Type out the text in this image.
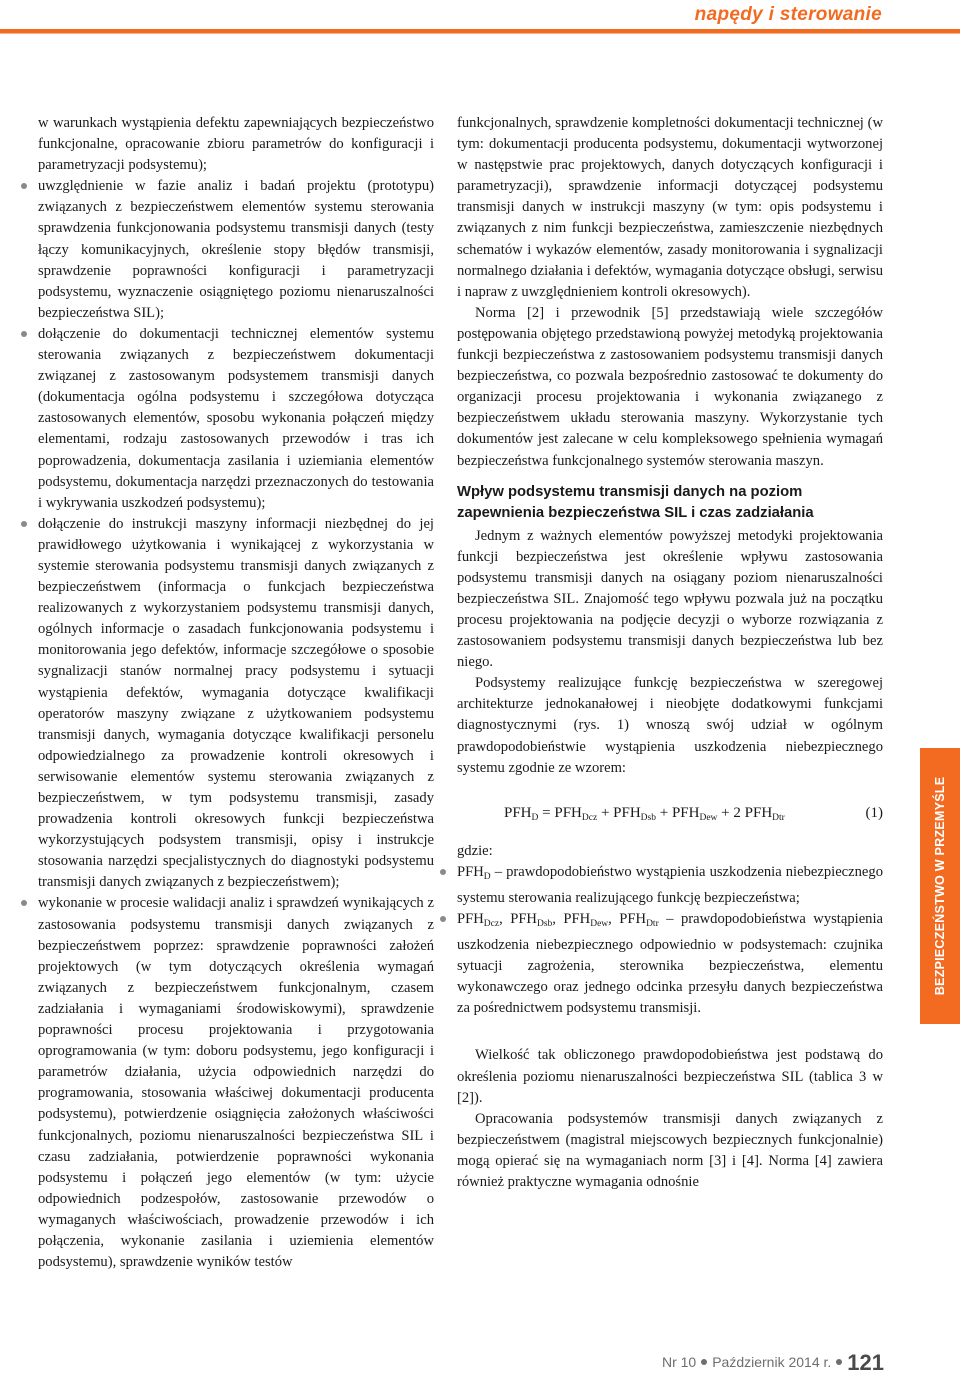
napędy i sterowanie

w warunkach wystąpienia defektu zapewniających bezpieczeństwo funkcjonalne, opracowanie zbioru parametrów do konfiguracji i parametryzacji podsystemu);

uwzględnienie w fazie analiz i badań projektu (prototypu) związanych z bezpieczeństwem elementów systemu sterowania sprawdzenia funkcjonowania podsystemu transmisji danych (testy łączy komunikacyjnych, określenie stopy błędów transmisji, sprawdzenie poprawności konfiguracji i parametryzacji podsystemu, wyznaczenie osiągniętego poziomu nienaruszalności bezpieczeństwa SIL);
dołączenie do dokumentacji technicznej elementów systemu sterowania związanych z bezpieczeństwem dokumentacji związanej z zastosowanym podsystemem transmisji danych (dokumentacja ogólna podsystemu i szczegółowa dotycząca zastosowanych elementów, sposobu wykonania połączeń między elementami, rodzaju zastosowanych przewodów i tras ich poprowadzenia, dokumentacja zasilania i uziemiania elementów podsystemu, dokumentacja narzędzi przeznaczonych do testowania i wykrywania uszkodzeń podsystemu);
dołączenie do instrukcji maszyny informacji niezbędnej do jej prawidłowego użytkowania i wynikającej z wykorzystania w systemie sterowania podsystemu transmisji danych związanych z bezpieczeństwem (informacja o funkcjach bezpieczeństwa realizowanych z wykorzystaniem podsystemu transmisji danych, ogólnych informacje o zasadach funkcjonowania podsystemu i monitorowania jego defektów, informacje szczegółowe o sposobie sygnalizacji stanów normalnej pracy podsystemu i sytuacji wystąpienia defektów, wymagania dotyczące kwalifikacji operatorów maszyny związane z użytkowaniem podsystemu transmisji danych, wymagania dotyczące kwalifikacji personelu odpowiedzialnego za prowadzenie kontroli okresowych i serwisowanie elementów systemu sterowania związanych z bezpieczeństwem, w tym podsystemu transmisji, zasady prowadzenia kontroli okresowych funkcji bezpieczeństwa wykorzystujących podsystem transmisji, opisy i instrukcje stosowania narzędzi specjalistycznych do diagnostyki podsystemu transmisji danych związanych z bezpieczeństwem);
wykonanie w procesie walidacji analiz i sprawdzeń wynikających z zastosowania podsystemu transmisji danych związanych z bezpieczeństwem poprzez: sprawdzenie poprawności założeń projektowych (w tym dotyczących określenia wymagań związanych z bezpieczeństwem funkcjonalnym, czasem zadziałania i wymaganiami środowiskowymi), sprawdzenie poprawności procesu projektowania i przygotowania oprogramowania (w tym: doboru podsystemu, jego konfiguracji i parametrów działania, użycia odpowiednich narzędzi do programowania, stosowania właściwej dokumentacji producenta podsystemu), potwierdzenie osiągnięcia założonych właściwości funkcjonalnych, poziomu nienaruszalności bezpieczeństwa SIL i czasu zadziałania, potwierdzenie poprawności wykonania podsystemu i połączeń jego elementów (w tym: użycie odpowiednich podzespołów, zastosowanie przewodów o wymaganych właściwościach, prowadzenie przewodów i ich połączenia, wykonanie zasilania i uziemienia elementów podsystemu), sprawdzenie wyników testów

funkcjonalnych, sprawdzenie kompletności dokumentacji technicznej (w tym: dokumentacji producenta podsystemu, dokumentacji wytworzonej w następstwie prac projektowych, danych dotyczących konfiguracji i parametryzacji), sprawdzenie informacji dotyczącej podsystemu transmisji danych w instrukcji maszyny (w tym: opis podsystemu i związanych z nim funkcji bezpieczeństwa, zamieszczenie niezbędnych schematów i wykazów elementów, zasady monitorowania i sygnalizacji normalnego działania i defektów, wymagania dotyczące obsługi, serwisu i napraw z uwzględnieniem kontroli okresowych).

Norma [2] i przewodnik [5] przedstawiają wiele szczegółów postępowania objętego przedstawioną powyżej metodyką projektowania funkcji bezpieczeństwa z zastosowaniem podsystemu transmisji danych bezpieczeństwa, co pozwala bezpośrednio zastosować te dokumenty do organizacji procesu projektowania i wykonania związanego z bezpieczeństwem układu sterowania maszyny. Wykorzystanie tych dokumentów jest zalecane w celu kompleksowego spełnienia wymagań bezpieczeństwa funkcjonalnego systemów sterowania maszyn.

Wpływ podsystemu transmisji danych na poziom zapewnienia bezpieczeństwa SIL i czas zadziałania

Jednym z ważnych elementów powyższej metodyki projektowania funkcji bezpieczeństwa jest określenie wpływu zastosowania podsystemu transmisji danych na osiągany poziom nienaruszalności bezpieczeństwa SIL. Znajomość tego wpływu pozwala już na początku procesu projektowania na podjęcie decyzji o wyborze rozwiązania z zastosowaniem podsystemu transmisji danych bezpieczeństwa lub bez niego.

Podsystemy realizujące funkcję bezpieczeństwa w szeregowej architekturze jednokanałowej i nieobjęte dodatkowymi funkcjami diagnostycznymi (rys. 1) wnoszą swój udział w ogólnym prawdopodobieństwie wystąpienia uszkodzenia niebezpiecznego systemu zgodnie ze wzorem:

$PFH_D = PFH_{Dcz} + PFH_{Dsb} + PFH_{Dew} + 2$ $PFH_{Dtr}$	(1)

gdzie:

$PFH_D$ – prawdopodobieństwo wystąpienia uszkodzenia niebezpiecznego systemu sterowania realizującego funkcję bezpieczeństwa;
$PFH_{Dcz}$, $PFH_{Dsb}$, $PFH_{Dew}$, $PFH_{Dtr}$ – prawdopodobieństwa wystąpienia uszkodzenia niebezpiecznego odpowiednio w podsystemach: czujnika sytuacji zagrożenia, sterownika bezpieczeństwa, elementu wykonawczego oraz jednego odcinka przesyłu danych bezpieczeństwa za pośrednictwem podsystemu transmisji.

Wielkość tak obliczonego prawdopodobieństwa jest podstawą do określenia poziomu nienaruszalności bezpieczeństwa SIL (tablica 3 w [2]).

Opracowania podsystemów transmisji danych związanych z bezpieczeństwem (magistral miejscowych bezpiecznych funkcjonalnie) mogą opierać się na wymaganiach norm [3] i [4]. Norma [4] zawiera również praktyczne wymagania odnośnie

BEZPIECZEŃSTWO W PRZEMYŚLE
Nr 10 Październik 2014 r. 121
